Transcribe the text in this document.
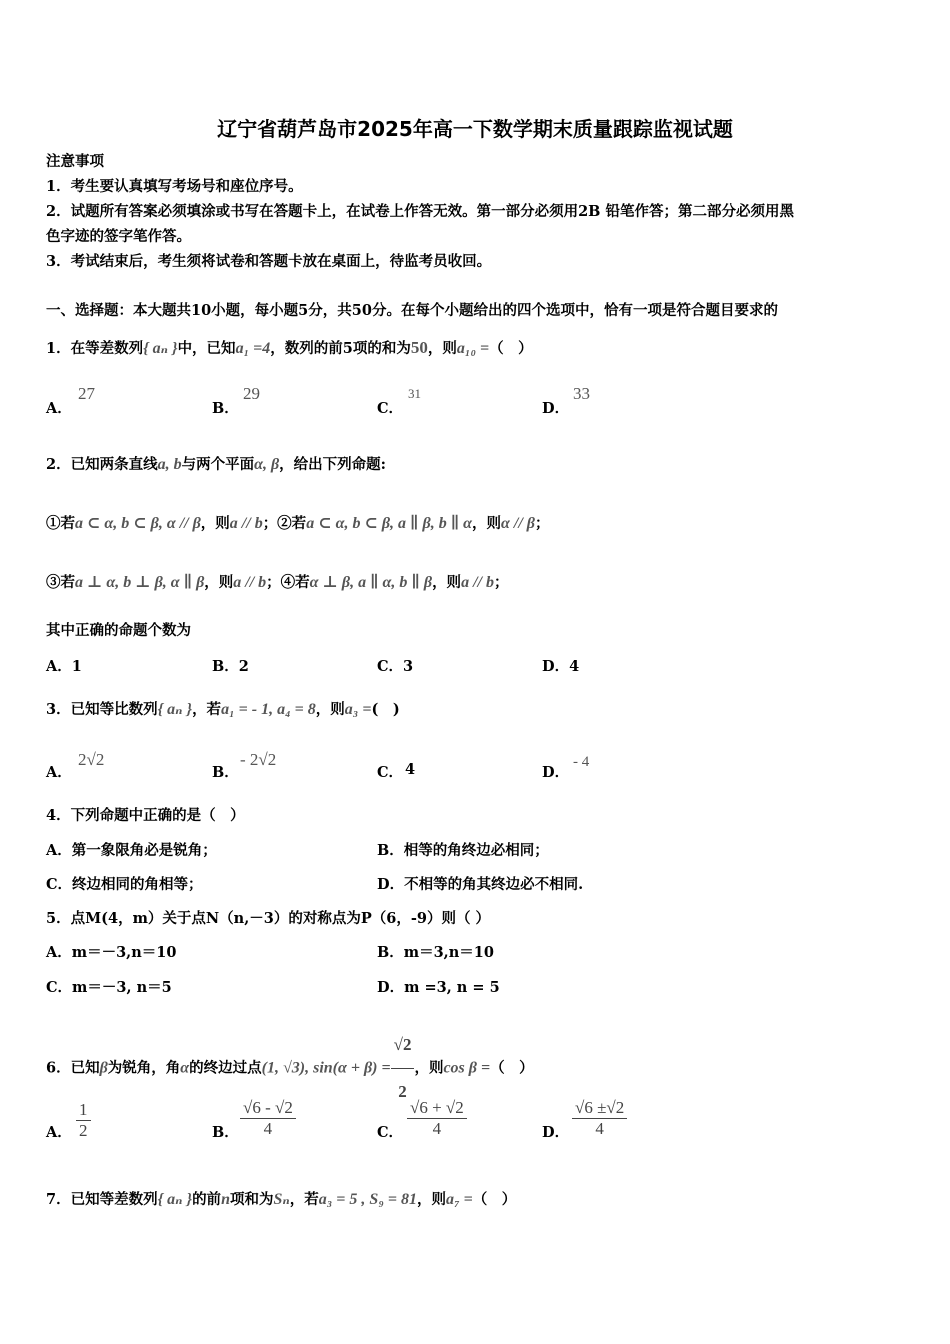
辽宁省葫芦岛市2025年高一下数学期末质量跟踪监视试题
注意事项
1．考生要认真填写考场号和座位序号。
2．试题所有答案必须填涂或书写在答题卡上，在试卷上作答无效。第一部分必须用2B 铅笔作答；第二部分必须用黑
色字迹的签字笔作答。
3．考试结束后，考生须将试卷和答题卡放在桌面上，待监考员收回。
一、选择题：本大题共10小题，每小题5分，共50分。在每个小题给出的四个选项中，恰有一项是符合题目要求的
1．在等差数列{ aₙ }中，已知a₁ =4，数列的前5项的和为50，则a₁₀ =（　）
A．
27
B．
29
C．
31
D．
33
2．已知两条直线a, b与两个平面α, β，给出下列命题:
①若a ⊂ α, b ⊂ β, α // β，则a // b；②若a ⊂ α, b ⊂ β, a ∥ β, b ∥ α，则α // β；
③若a ⊥ α, b ⊥ β, α ∥ β，则a // b；④若α ⊥ β, a ∥ α, b ∥ β，则a // b；
其中正确的命题个数为
A．1	B．2	C．3	D．4
3．已知等比数列{ aₙ }，若a₁ = - 1, a₄ = 8，则a₃ =(　)
A．
2√2
B．
- 2√2
C． 4	D．
- 4
4．下列命题中正确的是（　）
A．第一象限角必是锐角；	B．相等的角终边必相同；
C．终边相同的角相等；	D．不相等的角其终边必不相同.
5．点M(4，m）关于点N（n,－3）的对称点为P（6，-9）则（ ）
A．m＝－3,n＝10	B．m＝3,n＝10
C．m＝－3, n＝5	D．m =3, n = 5
6．已知β为锐角，角α的终边过点(1, √3), $\sin(\alpha + \beta) = \frac{√2}{2}$ ，则cos β =（　）
A． $\frac{1}{2}$	B． $\frac{√6 - √2}{4}$	C． $\frac{√6 + √2}{4}$	D． $\frac{√6 \pm√2}{4}$
7．已知等差数列{ aₙ }的前n项和为Sₙ，若a₃ = 5 , S₉ = 81，则a₇ =（　）
